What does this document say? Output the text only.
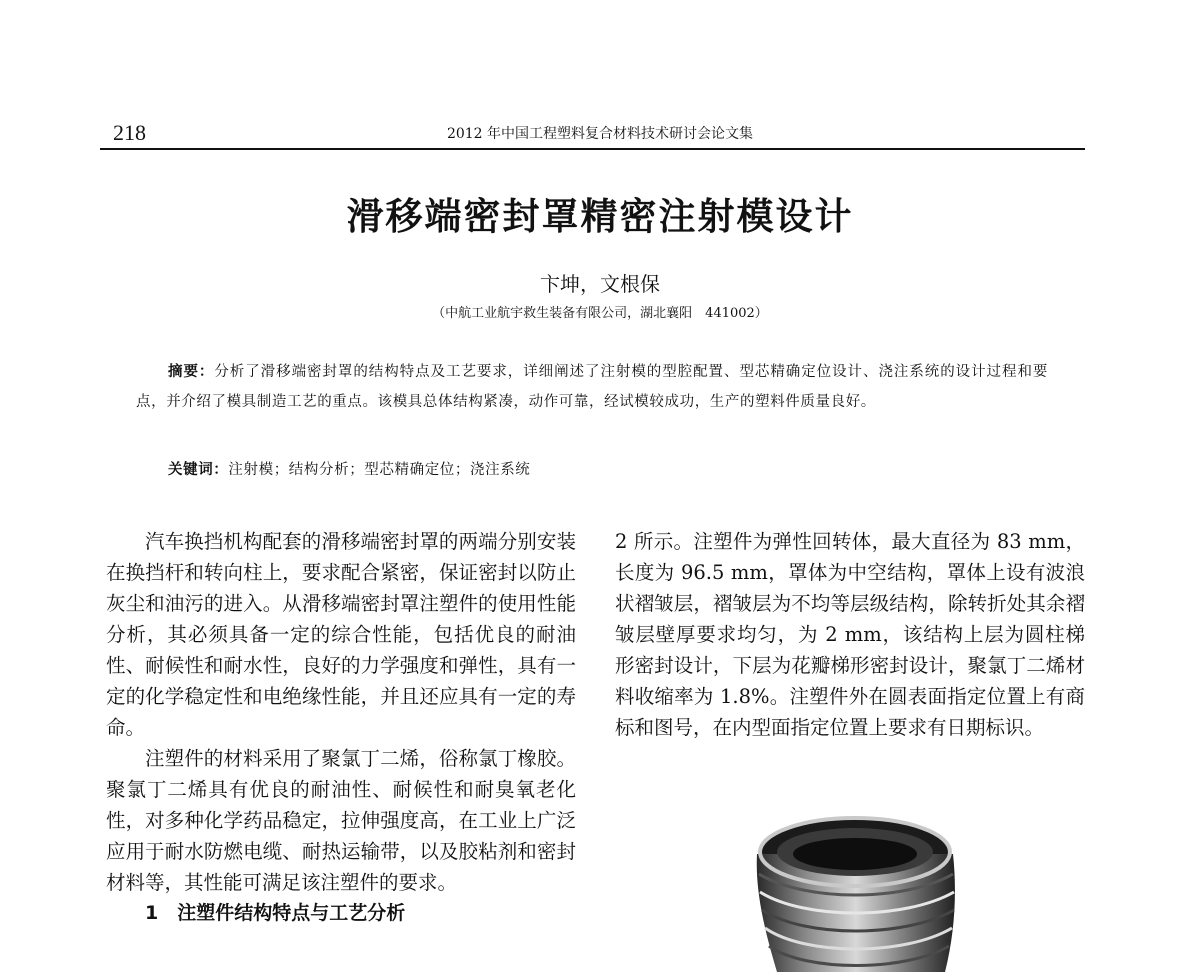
218	2012 年中国工程塑料复合材料技术研讨会论文集
滑移端密封罩精密注射模设计
卞坤，文根保
（中航工业航宇救生装备有限公司，湖北襄阳　441002）

摘要：分析了滑移端密封罩的结构特点及工艺要求，详细阐述了注射模的型腔配置、型芯精确定位设计、浇注系统的设计过程和要点，并介绍了模具制造工艺的重点。该模具总体结构紧凑，动作可靠，经试模较成功，生产的塑料件质量良好。

关键词：注射模；结构分析；型芯精确定位；浇注系统

汽车换挡机构配套的滑移端密封罩的两端分别安装在换挡杆和转向柱上，要求配合紧密，保证密封以防止灰尘和油污的进入。从滑移端密封罩注塑件的使用性能分析，其必须具备一定的综合性能，包括优良的耐油性、耐候性和耐水性，良好的力学强度和弹性，具有一定的化学稳定性和电绝缘性能，并且还应具有一定的寿命。

注塑件的材料采用了聚氯丁二烯，俗称氯丁橡胶。聚氯丁二烯具有优良的耐油性、耐候性和耐臭氧老化性，对多种化学药品稳定，拉伸强度高，在工业上广泛应用于耐水防燃电缆、耐热运输带，以及胶粘剂和密封材料等，其性能可满足该注塑件的要求。

1　注塑件结构特点与工艺分析

2 所示。注塑件为弹性回转体，最大直径为 83 mm，长度为 96.5 mm，罩体为中空结构，罩体上设有波浪状褶皱层，褶皱层为不均等层级结构，除转折处其余褶皱层壁厚要求均匀，为 2 mm，该结构上层为圆柱梯形密封设计，下层为花瓣梯形密封设计，聚氯丁二烯材料收缩率为 1.8%。注塑件外在圆表面指定位置上有商标和图号，在内型面指定位置上要求有日期标识。
